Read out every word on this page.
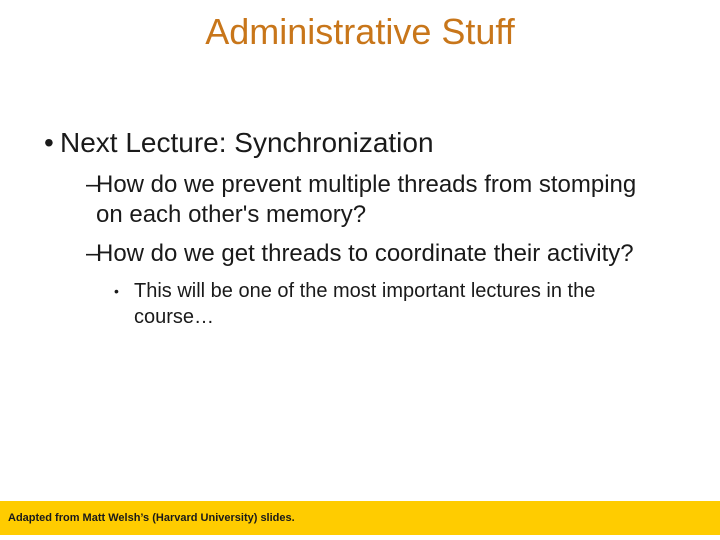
Administrative Stuff
• Next Lecture: Synchronization
–
How do we prevent multiple threads from stomping on each other's memory?
–
How do we get threads to coordinate their activity?
• This will be one of the most important lectures in the course…
Adapted from Matt Welsh’s (Harvard University) slides.
